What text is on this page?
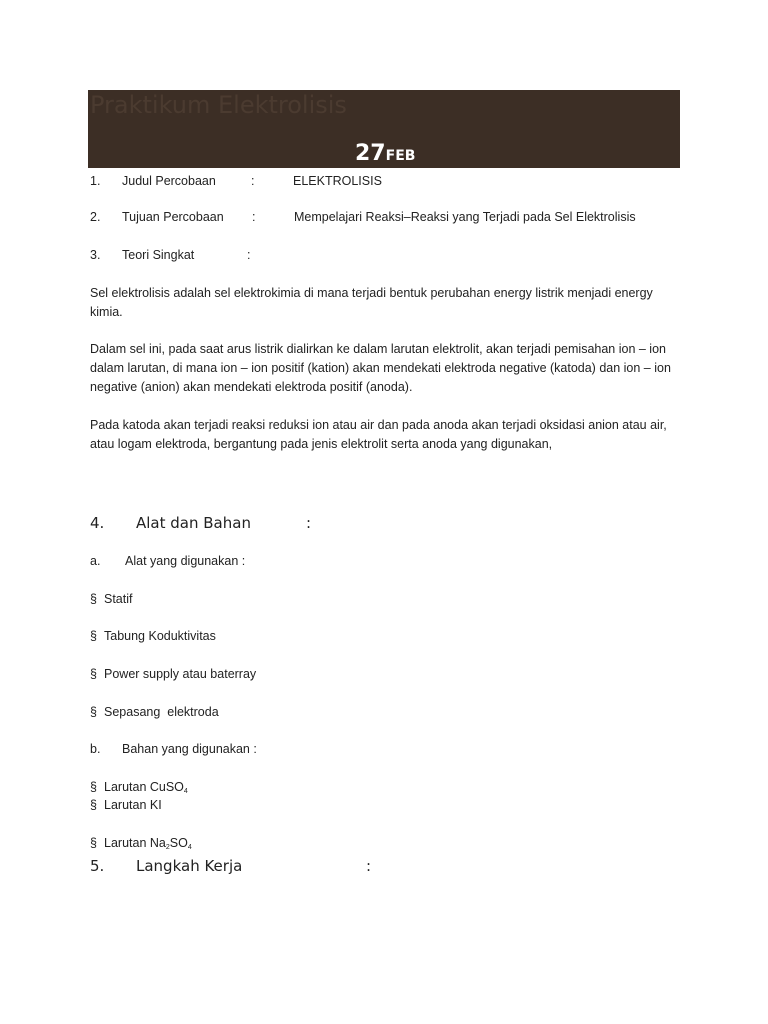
Praktikum Elektrolisis
27FEB
1. Judul Percobaan	:	ELEKTROLISIS
2. Tujuan Percobaan :	Mempelajari Reaksi–Reaksi yang Terjadi pada Sel Elektrolisis
3. Teori Singkat	:

Sel elektrolisis adalah sel elektrokimia di mana terjadi bentuk perubahan energy listrik menjadi energy kimia.

Dalam sel ini, pada saat arus listrik dialirkan ke dalam larutan elektrolit, akan terjadi pemisahan ion – ion dalam larutan, di mana ion – ion positif (kation) akan mendekati elektroda negative (katoda) dan ion – ion negative (anion) akan mendekati elektroda positif (anoda).

Pada katoda akan terjadi reaksi reduksi ion atau air dan pada anoda akan terjadi oksidasi anion atau air, atau logam elektroda, bergantung pada jenis elektrolit serta anoda yang digunakan,

4. Alat dan Bahan	:
a. Alat yang digunakan :
§ Statif
§ Tabung Koduktivitas
§ Power supply atau baterray
§ Sepasang  elektroda
b. Bahan yang digunakan :
§ Larutan CuSO$_4$
§ Larutan KI
§ Larutan $Na_2SO_4$
5. Langkah Kerja	:
